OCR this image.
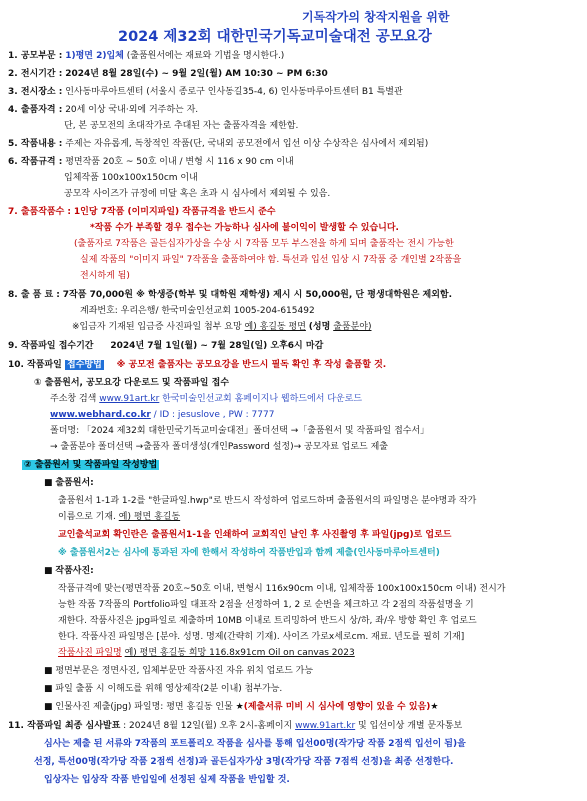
기독작가의 창작지원을 위한
2024 제32회 대한민국기독교미술대전 공모요강
1. 공모부문 : 1)평면 2)입체 (출품원서에는 재료와 기법을 명시한다.)
2. 전시기간 : 2024년 8월 28일(수) ~ 9월 2일(월) AM 10:30 ~ PM 6:30
3. 전시장소 : 인사동마루아트센터 (서울시 종로구 인사동길35-4, 6) 인사동마루아트센터 B1 특별관
4. 출품자격 : 20세 이상 국내·외에 거주하는 자.
단, 본 공모전의 초대작가로 추대된 자는 출품자격을 제한함.
5. 작품내용 : 주제는 자유롭게, 독창적인 작품(단, 국내외 공모전에서 입선 이상 수상작은 심사에서 제외됨)
6. 작품규격 : 평면작품 20호 ~ 50호 이내 / 변형 시 116 x 90 cm 이내
입체작품 100x100x150cm 이내
공모작 사이즈가 규정에 미달 혹은 초과 시 심사에서 제외될 수 있음.
7. 출품작품수 : 1인당 7작품 (이미지파일) 작품규격을 반드시 준수
*작품 수가 부족할 경우 접수는 가능하나 심사에 불이익이 발생할 수 있습니다.
(출품자로 7작품은 골든십자가상을 수상 시 7작품 모두 부스전을 하게 되며 출품작는 전시 가능한
실제 작품의 "이미지 파일" 7작품을 출품하여야 함. 특선과 입선 입상 시 7작품 중 개인별 2작품을
전시하게 됨)
8. 출 품 료 : 7작품 70,000원 ※ 학생증(학부 및 대학원 재학생) 제시 시 50,000원, 단 평생대학원은 제외함.
계좌번호: 우리은행/ 한국미술인선교회 1005-204-615492
※입금자 기재된 입금증 사진파일 첨부 요망 예) 홍길동 평면 (성명 출품분야)
9. 작품파일 접수기간 2024년 7월 1일(월) ~ 7월 28일(일) 오후6시 마감
10. 작품파일 접수방법 ※ 공모전 출품자는 공모요강을 반드시 필독 확인 후 작성 출품할 것.
① 출품원서, 공모요강 다운로드 및 작품파일 접수
주소창 검색 www.91art.kr 한국미술인선교회 홈페이지나 웹하드에서 다운로드
www.webhard.co.kr / ID : jesuslove , PW : 7777
폴더명: 「2024 제32회 대한민국기독교미술대전」폴더선택 →「출품원서 및 작품파일 접수서」
→ 출품분야 폴더선택 →출품자 폴더생성(개인Password 설정)→ 공모자료 업로드 제출
② 출품원서 및 작품파일 작성방법
■ 출품원서:
출품원서 1-1과 1-2를 "한글파일.hwp"로 반드시 작성하여 업로드하며 출품원서의 파일명은 분야명과 작가
이름으로 기재. 예) 평면 홍길동
교인출석교회 확인란은 출품원서1-1을 인쇄하여 교회직인 날인 후 사진촬영 후 파일(jpg)로 업로드
※ 출품원서2는 심사에 통과된 자에 한해서 작성하여 작품반입과 함께 제출(인사동마루아트센터)
■ 작품사진:
작품규격에 맞는(평면작품 20호~50호 이내, 변형시 116x90cm 이내, 입체작품 100x100x150cm 이내) 전시가
능한 작품 7작품의 Portfolio파일 대표작 2점을 선정하여 1, 2 로 순번을 체크하고 각 2점의 작품설명을 기
재한다. 작품사진은 jpg파일로 제출하며 10MB 이내로 트리밍하여 반드시 상/하, 좌/우 방향 확인 후 업로드
한다. 작품사진 파일명은 [분야. 성명. 명제(간략히 기재). 사이즈 가로x세로cm. 재료. 년도를 필히 기재]
작품사진 파일명 예) 평면 홍길동 희망 116.8x91cm Oil on canvas 2023
■ 평면부문은 정면사진, 입체부문만 작품사진 자유 위치 업로드 가능
■ 파일 출품 시 이해도를 위해 영상제작(2분 이내) 첨부가능.
■ 인물사진 제출(jpg) 파일명: 평면 홍길동 인물 ★(제출서류 미비 시 심사에 영향이 있을 수 있음)★
11. 작품파일 최종 심사발표 : 2024년 8월 12일(월) 오후 2시-홈페이지 www.91art.kr 및 입선이상 개별 문자통보
심사는 제출 된 서류와 7작품의 포트폴리오 작품을 심사를 통해 입선00명(작가당 작품 2점씩 입선이 됨)을
선정, 특선00명(작가당 작품 2점씩 선정)과 골든십자가상 3명(작가당 작품 7점씩 선정)을 최종 선정한다.
입상자는 입상작 작품 반입일에 선정된 실제 작품을 반입할 것.
